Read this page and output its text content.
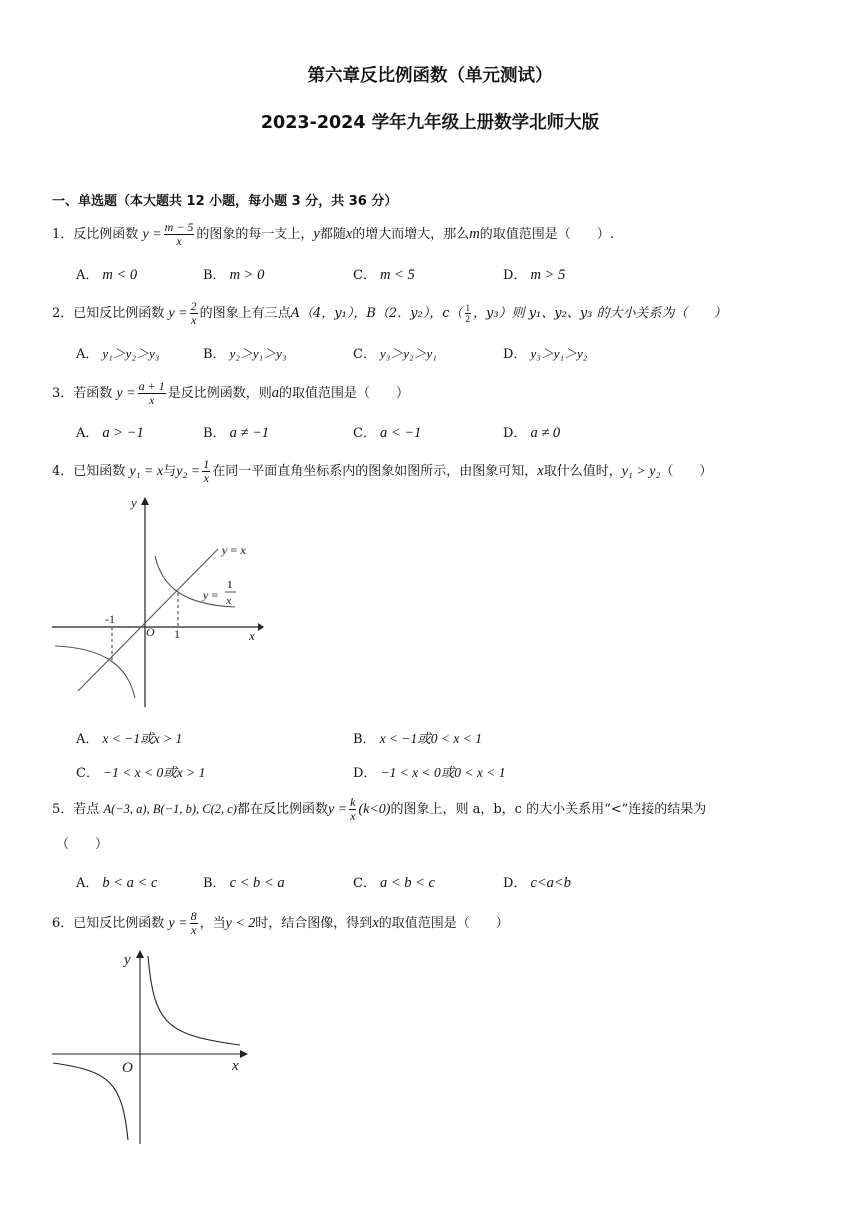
第六章反比例函数（单元测试）
2023-2024 学年九年级上册数学北师大版
一、单选题（本大题共 12 小题，每小题 3 分，共 36 分）
1．反比例函数 $y = \frac{m - 5}{x}$ 的图象的每一支上，y都随x的增大而增大，那么m的取值范围是（　　）.
A． m < 0	B． m > 0	C． m < 5	D． m > 5
2．已知反比例函数 $y = \frac{2}{x}$ 的图象上有三点A（4，y₁），B（2．y₂），$c( \frac{1}{2}$ ，y₃）则 y₁、y₂、y₃ 的大小关系为（　　）
A． y₁＞y₂＞y₃	B． y₂＞y₁＞y₃	C． y₃＞y₂＞y₁	D． y₃＞y₁＞y₂
3．若函数 $y = \frac{a + 1}{x}$ 是反比例函数，则a的取值范围是（　　）
A． a > −1	B． a ≠ −1	C． a < −1	D． a ≠ 0
4．已知函数 y₁ = x与$y_2 = \frac{1}{x}$ 在同一平面直角坐标系内的图象如图所示，由图象可知，x取什么值时，y₁ > y₂（　　）
y
x
O
-1
1
y = x
y =
1
x
A． x < −1或x > 1	B． x < −1或0 < x < 1
C． −1 < x < 0或x > 1	D． −1 < x < 0或0 < x < 1
5．若点 A(−3, a), B(−1, b), C(2, c)都在反比例函数$y = \frac{k}{x} (k<0)$的图象上，则 a，b，c 的大小关系用“<”连接的结果为
（　　）
A． b < a < c	B． c < b < a	C． a < b < c	D． c<a<b
6．已知反比例函数 $y = \frac{8}{x}$ ，当y < 2时，结合图像，得到x的取值范围是（　　）
y
x
O
